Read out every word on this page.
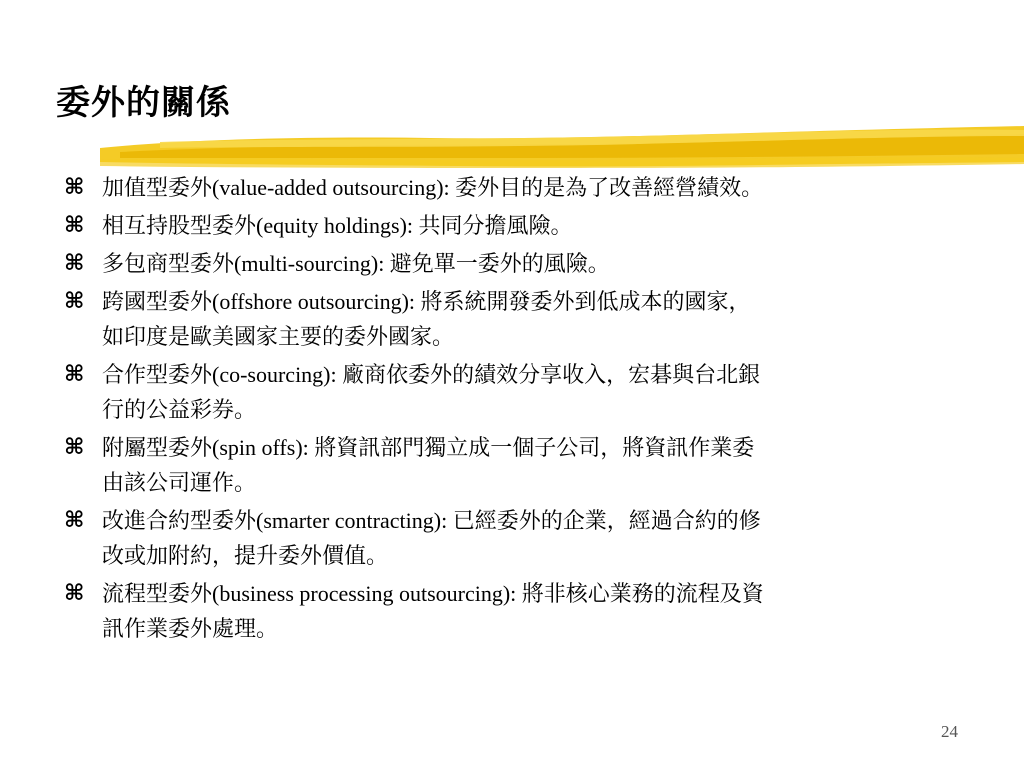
委外的關係
⌘ 加值型委外(value-added outsourcing): 委外目的是為了改善經營績效。
⌘ 相互持股型委外(equity holdings): 共同分擔風險。
⌘ 多包商型委外(multi-sourcing): 避免單一委外的風險。
⌘ 跨國型委外(offshore outsourcing): 將系統開發委外到低成本的國家，
如印度是歐美國家主要的委外國家。
⌘ 合作型委外(co-sourcing): 廠商依委外的績效分享收入，宏碁與台北銀
行的公益彩券。
⌘ 附屬型委外(spin offs): 將資訊部門獨立成一個子公司，將資訊作業委
由該公司運作。
⌘ 改進合約型委外(smarter contracting): 已經委外的企業，經過合約的修
改或加附約，提升委外價值。
⌘ 流程型委外(business processing outsourcing): 將非核心業務的流程及資
訊作業委外處理。
24
